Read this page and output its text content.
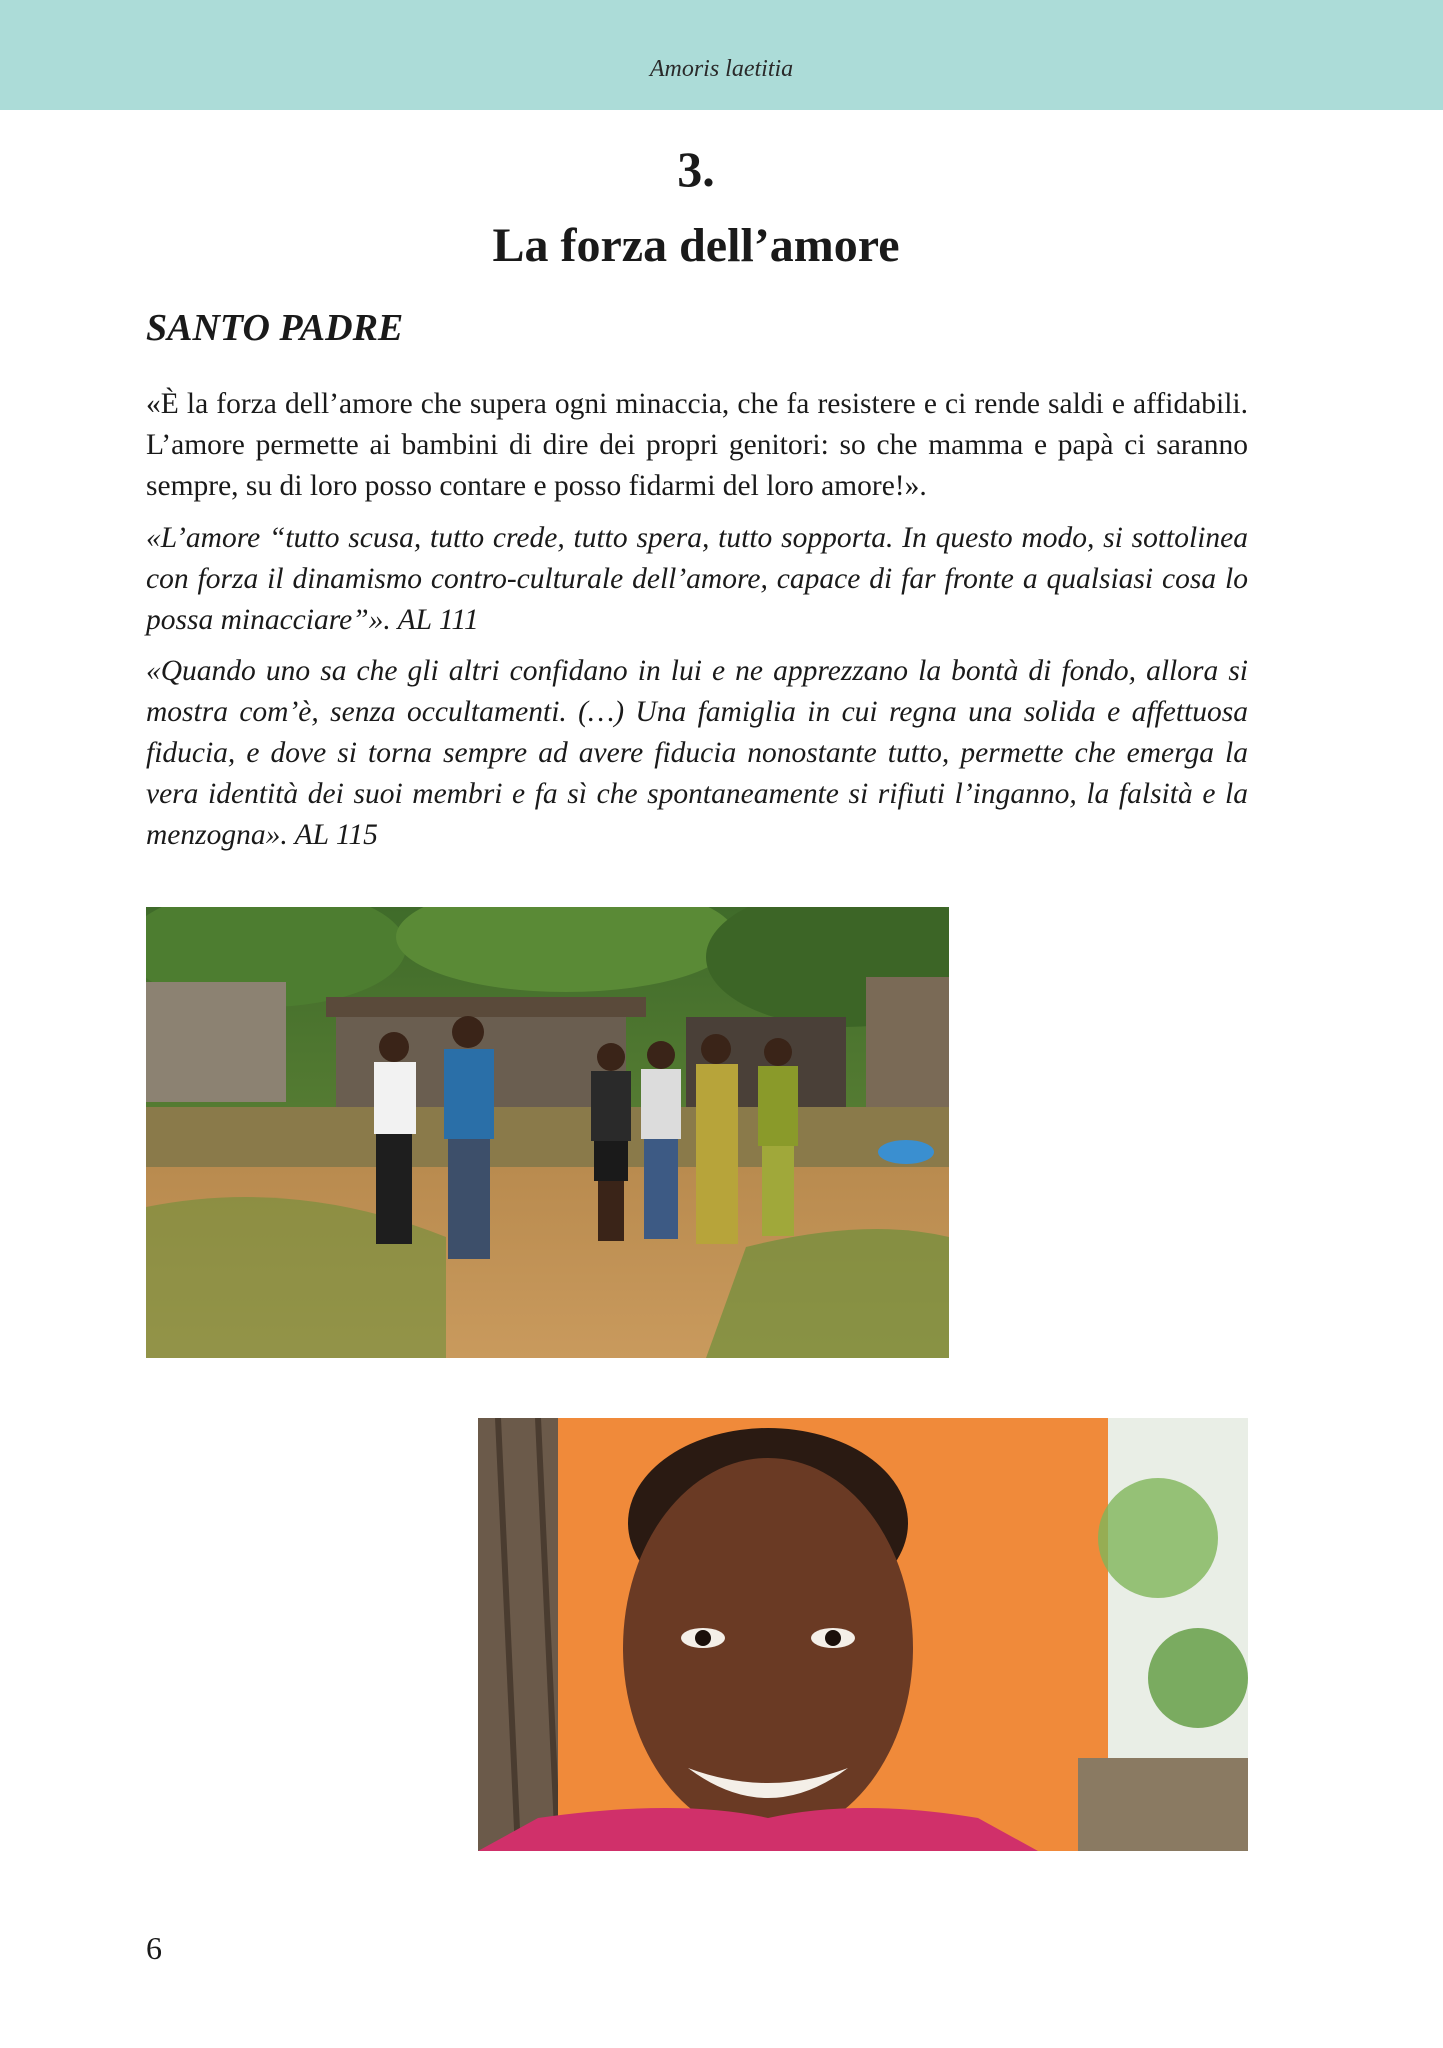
Amoris laetitia
3.
La forza dell’amore
SANTO PADRE

«È la forza dell’amore che supera ogni minaccia, che fa resistere e ci rende saldi e affidabili. L’amore permette ai bambini di dire dei propri genitori: so che mamma e papà ci saranno sempre, su di loro posso contare e posso fidarmi del loro amore!».

«L’amore “tutto scusa, tutto crede, tutto spera, tutto sopporta. In questo modo, si sottolinea con forza il dinamismo contro-culturale dell’amore, capace di far fronte a qualsiasi cosa lo possa minacciare”». AL 111

«Quando uno sa che gli altri confidano in lui e ne apprezzano la bontà di fondo, allora si mostra com’è, senza occultamenti. (…) Una famiglia in cui regna una solida e affettuosa fiducia, e dove si torna sempre ad avere fiducia nonostante tutto, permette che emerga la vera identità dei suoi membri e fa sì che spontaneamente si rifiuti l’inganno, la falsità e la menzogna». AL 115

6
